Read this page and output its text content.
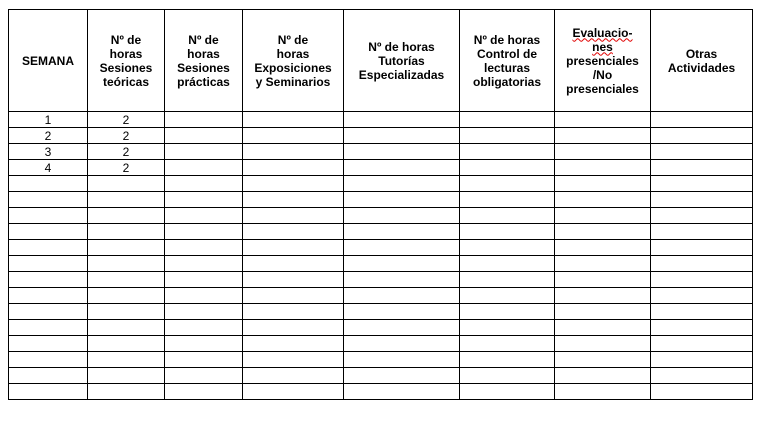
SEMANA	Nº de
horas
Sesiones
teóricas	Nº de
horas
Sesiones
prácticas	Nº de
horas
Exposiciones
y Seminarios	Nº de horas
Tutorías
Especializadas	Nº de horas
Control de
lecturas
obligatorias	Evaluacio-
nes
presenciales
/No
presenciales	Otras
Actividades

1	2						
2	2						
3	2						
4	2						
